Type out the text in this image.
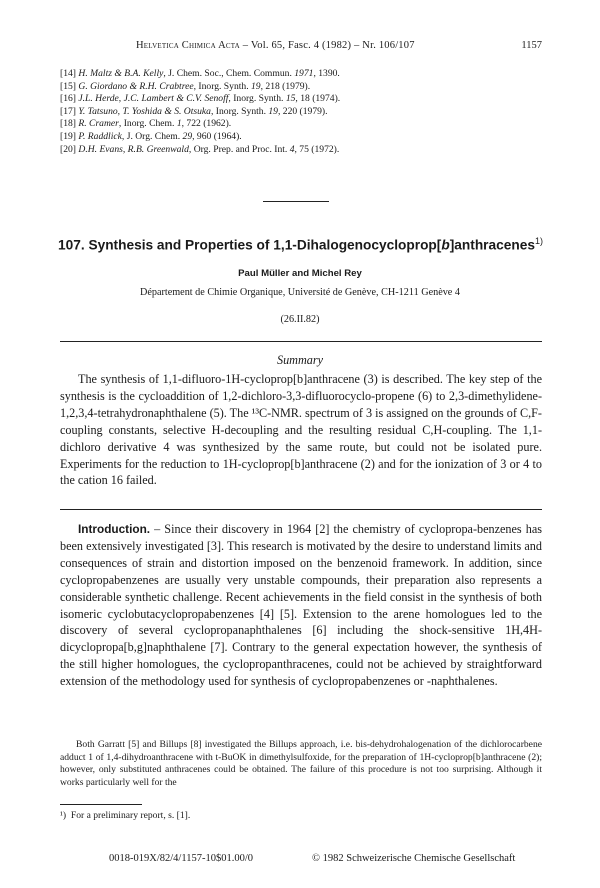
Helvetica Chimica Acta – Vol. 65, Fasc. 4 (1982) – Nr. 106/107	1157
[14] H. Maltz & B.A. Kelly, J. Chem. Soc., Chem. Commun. 1971, 1390.
[15] G. Giordano & R.H. Crabtree, Inorg. Synth. 19, 218 (1979).
[16] J.L. Herde, J.C. Lambert & C.V. Senoff, Inorg. Synth. 15, 18 (1974).
[17] Y. Tatsuno, T. Yoshida & S. Otsuka, Inorg. Synth. 19, 220 (1979).
[18] R. Cramer, Inorg. Chem. 1, 722 (1962).
[19] P. Raddlick, J. Org. Chem. 29, 960 (1964).
[20] D.H. Evans, R.B. Greenwald, Org. Prep. and Proc. Int. 4, 75 (1972).
107. Synthesis and Properties of 1,1-Dihalogenocycloprop[b]anthracenes$^{1)}$
Paul Müller and Michel Rey
Département de Chimie Organique, Université de Genève, CH-1211 Genève 4
(26.II.82)
Summary

The synthesis of 1,1-difluoro-1H-cycloprop[b]anthracene (3) is described. The key step of the synthesis is the cycloaddition of 1,2-dichloro-3,3-difluorocyclo-propene (6) to 2,3-dimethylidene-1,2,3,4-tetrahydronaphthalene (5). The ¹³C-NMR. spectrum of 3 is assigned on the grounds of C,F-coupling constants, selective H-decoupling and the resulting residual C,H-coupling. The 1,1-dichloro derivative 4 was synthesized by the same route, but could not be isolated pure. Experiments for the reduction to 1H-cycloprop[b]anthracene (2) and for the ionization of 3 or 4 to the cation 16 failed.

Introduction. – Since their discovery in 1964 [2] the chemistry of cyclopropa-benzenes has been extensively investigated [3]. This research is motivated by the desire to understand limits and consequences of strain and distortion imposed on the benzenoid framework. In addition, since cyclopropabenzenes are usually very unstable compounds, their preparation also represents a considerable synthetic challenge. Recent achievements in the field consist in the synthesis of both isomeric cyclobutacyclopropabenzenes [4] [5]. Extension to the arene homologues led to the discovery of several cyclopropanaphthalenes [6] including the shock-sensitive 1H,4H-dicyclopropa[b,g]naphthalene [7]. Contrary to the general expectation however, the synthesis of the still higher homologues, the cyclopropanthracenes, could not be achieved by straightforward extension of the methodology used for synthesis of cyclopropabenzenes or -naphthalenes.

Both Garratt [5] and Billups [8] investigated the Billups approach, i.e. bis-dehydrohalogenation of the dichlorocarbene adduct 1 of 1,4-dihydroanthracene with t-BuOK in dimethylsulfoxide, for the preparation of 1H-cycloprop[b]anthracene (2); however, only substituted anthracenes could be obtained. The failure of this procedure is not too surprising. Although it works particularly well for the

¹) For a preliminary report, s. [1].
0018-019X/82/4/1157-10$01.00/0	© 1982 Schweizerische Chemische Gesellschaft
